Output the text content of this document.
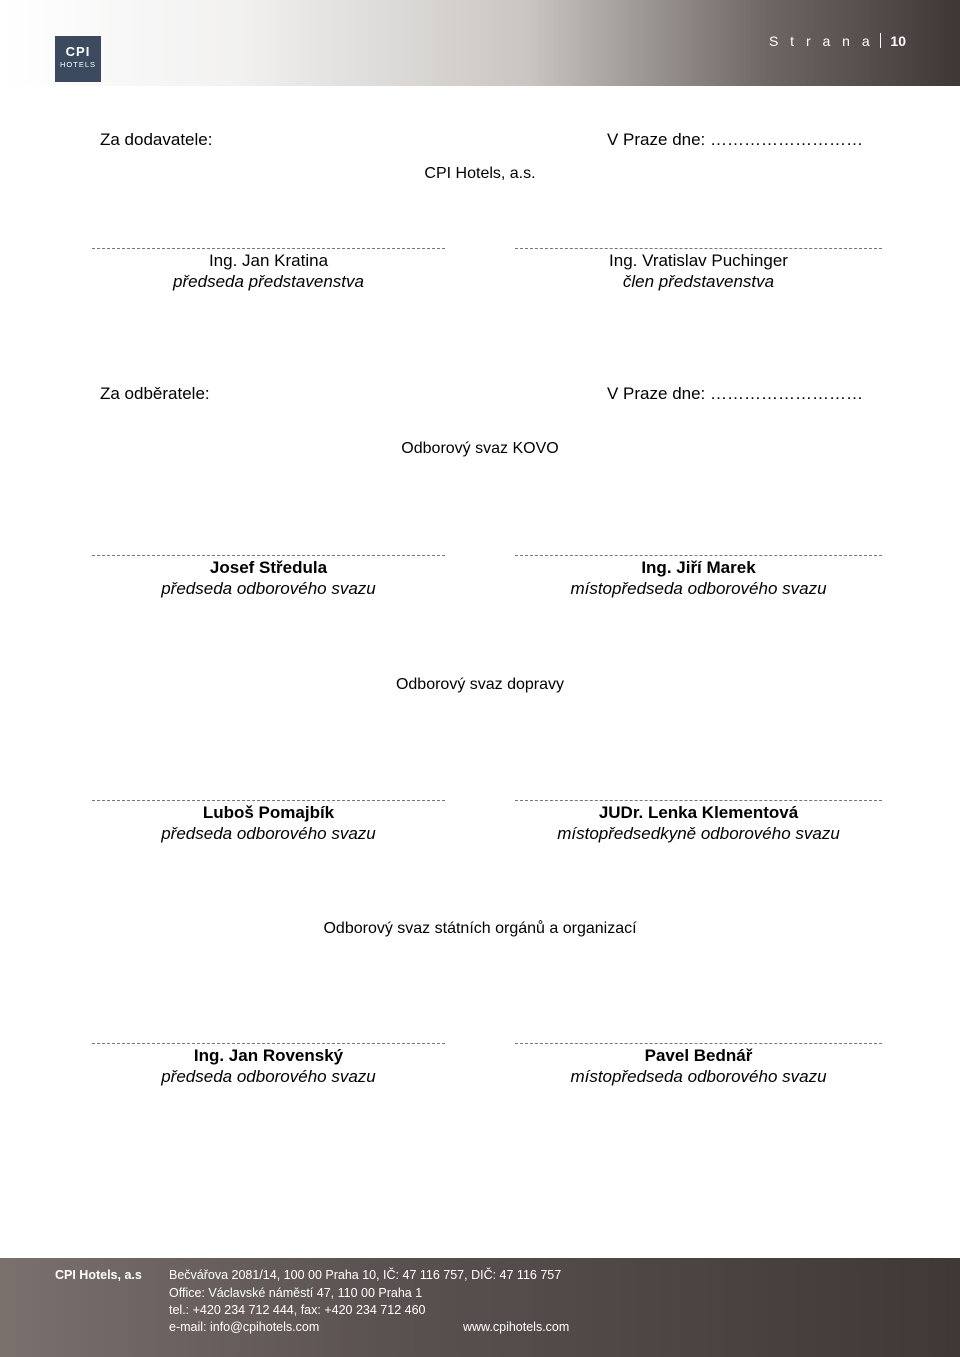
CPI
HOTELS
S t r a n a 10
Za dodavatele:	V Praze dne: ………………………
CPI Hotels, a.s.
Ing. Jan Kratina
předseda představenstva
Ing. Vratislav Puchinger
člen představenstva
Za odběratele:	V Praze dne: ………………………
Odborový svaz KOVO
Josef Středula
předseda odborového svazu
Ing. Jiří Marek
místopředseda odborového svazu
Odborový svaz dopravy
Luboš Pomajbík
předseda odborového svazu
JUDr. Lenka Klementová
místopředsedkyně odborového svazu
Odborový svaz státních orgánů a organizací
Ing. Jan Rovenský
předseda odborového svazu
Pavel Bednář
místopředseda odborového svazu
CPI Hotels, a.s Bečvářova 2081/14, 100 00 Praha 10, IČ: 47 116 757, DIČ: 47 116 757
Office: Václavské náměstí 47, 110 00 Praha 1
tel.: +420 234 712 444, fax: +420 234 712 460
e-mail: info@cpihotels.com	www.cpihotels.com
